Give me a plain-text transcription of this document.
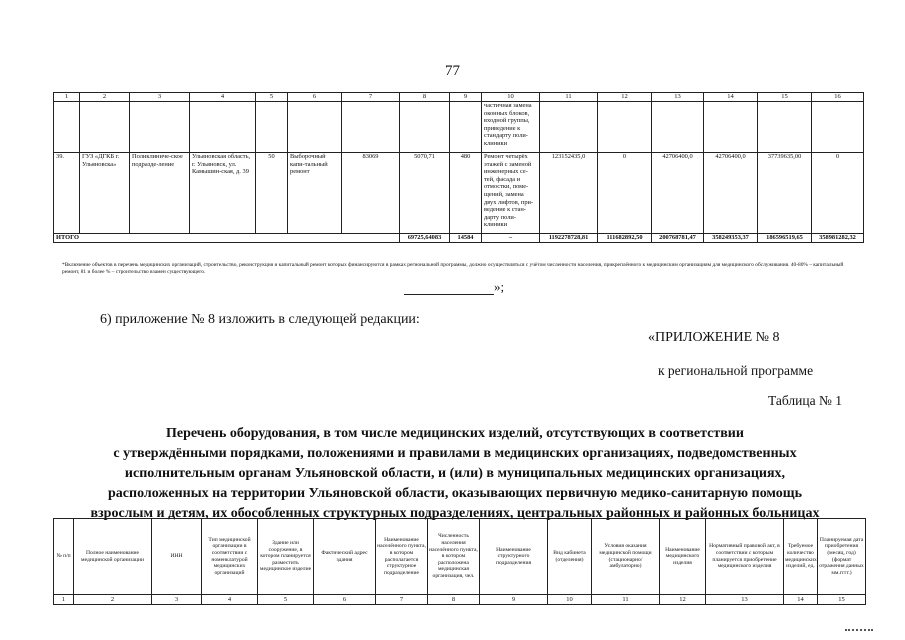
77
1	2	3	4	5	6	7	8	9	10	11	12	13	14	15	16
									частичная замена оконных блоков, входной группы, приведение к стандарту поли-клиники						
39.	ГУЗ «ДГКБ г. Ульяновска»	Поликлиниче-ское подразде-ление	Ульяновская область, г. Ульяновск, ул. Камышин-ская, д. 39	50	Выборочный капи-тальный ремонт	83069	5070,71	480	Ремонт четырёх этажей с заменой инженерных се-тей, фасада и отмостки, поме-щений, замена двух лифтов, при-ведение к стан-дарту поли-клиники	123152435,0	0	42706400,0	42706400,0	37739635,00	0
ИТОГО							69725,64083	14584	–	1192278728,81	111682892,50	200768781,47	358249353,37	186596519,65	358981282,32
*Включение объектов в перечень медицинских организаций, строительство, реконструкция и капитальный ремонт которых финансируются в рамках региональной программы, должно осуществляться с учётом численности населения, прикреплённого к медицинским организациям для медицинского обслуживания. 40-80% – капитальный ремонт, 81 и более % – строительство взамен существующего.
»;
6) приложение № 8 изложить в следующей редакции:
«ПРИЛОЖЕНИЕ № 8
к региональной программе
Таблица № 1
Перечень оборудования, в том числе медицинских изделий, отсутствующих в соответствии
с утверждёнными порядками, положениями и правилами в медицинских организациях, подведомственных
исполнительным органам Ульяновской области, и (или) в муниципальных медицинских организациях,
расположенных на территории Ульяновской области, оказывающих первичную медико-санитарную помощь
взрослым и детям, их обособленных структурных подразделениях, центральных районных и районных больницах
№ п/п	Полное наименование медицинской организации	ИНН	Тип медицинской организации в соответствии с номенклатурой медицинских организаций	Здание или сооружение, в котором планируется разместить медицинское изделие	Фактический адрес здания	Наименование населённого пункта, в котором располагается структурное подразделение	Численность населения населённого пункта, в котором расположена медицинская организация, чел.	Наименование структурного подразделения	Вид кабинета (отделения)	Условия оказания медицинской помощи (стационарно/амбулаторно)	Наименование медицинского изделия	Нормативный правовой акт, в соответствии с которым планируется приобретение медицинского изделия	Требуемое количество медицинских изделий, ед.	Планируемая дата приобретения (месяц, год) (формат отражения данных мм.гггг.)
1	2	3	4	5	6	7	8	9	10	11	12	13	14	15
